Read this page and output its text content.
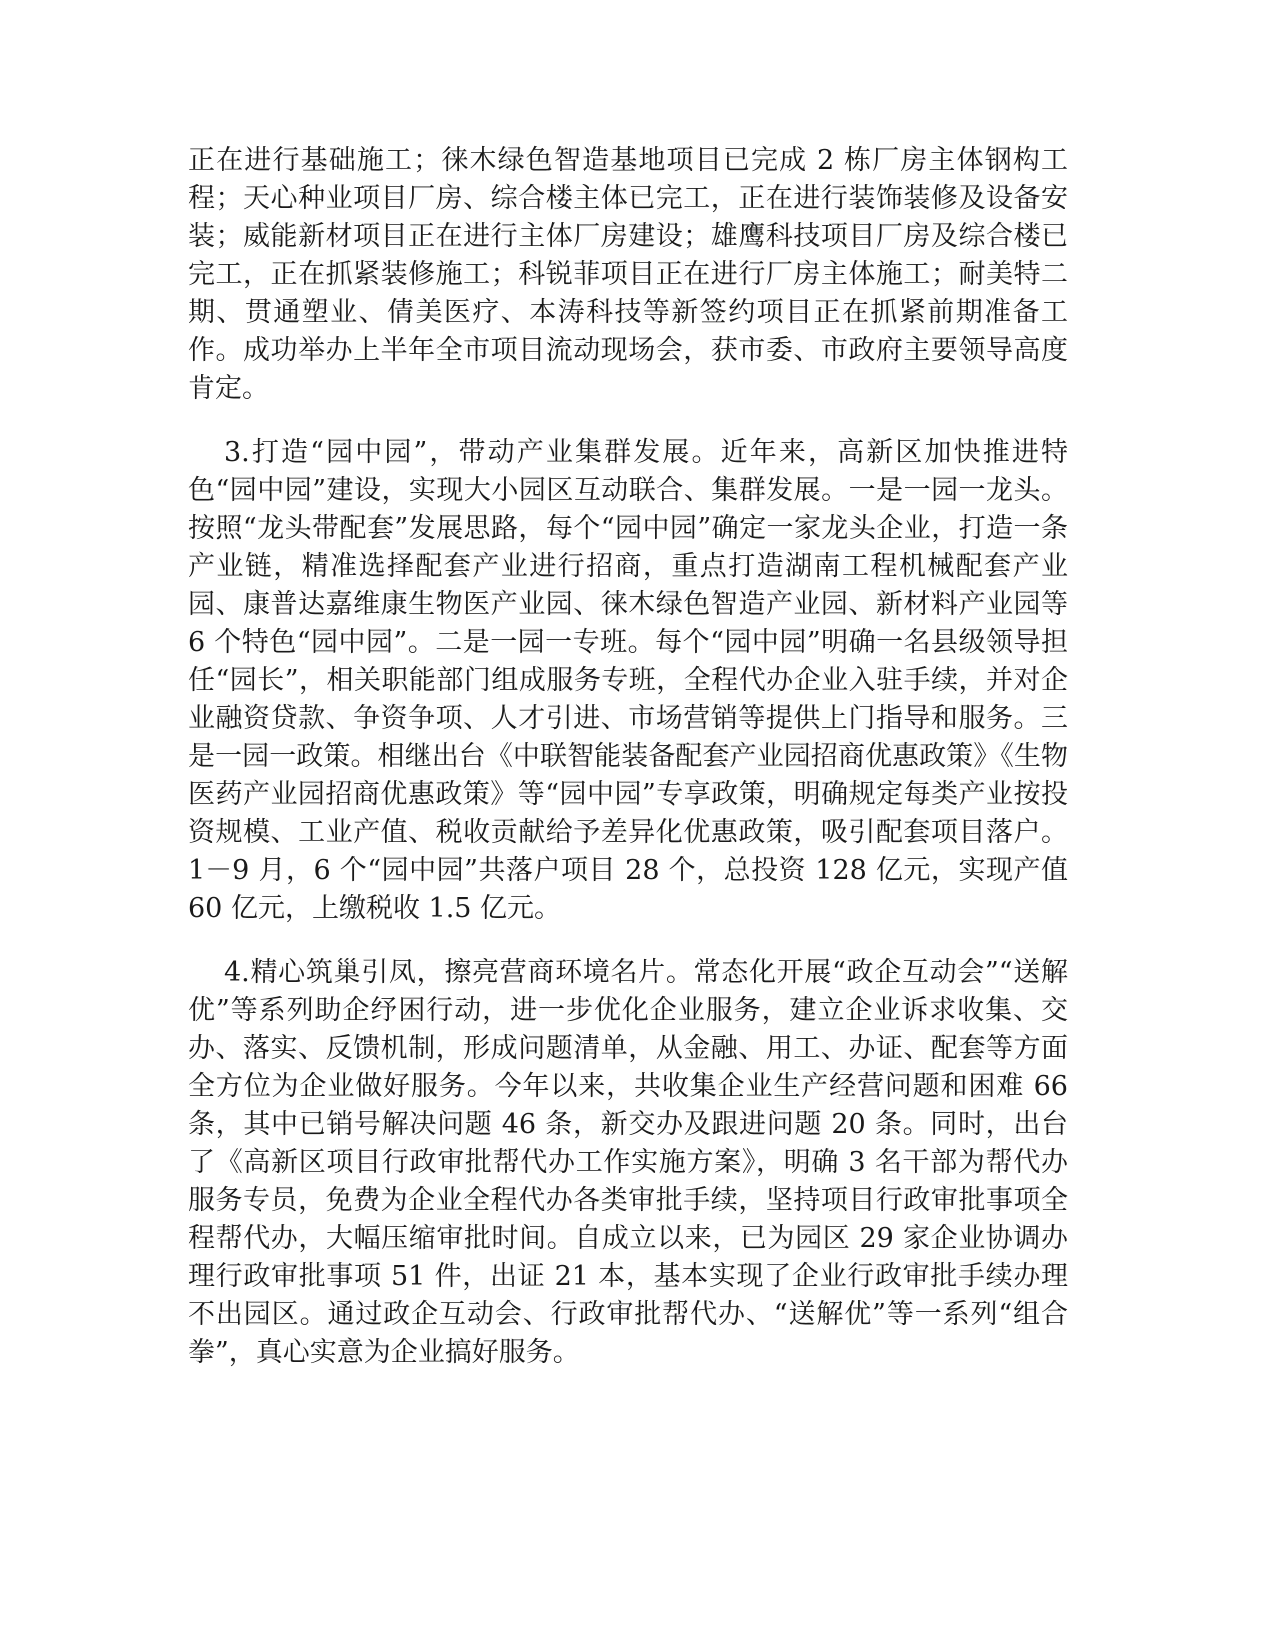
正在进行基础施工；徕木绿色智造基地项目已完成 2 栋厂房主体钢构工程；天心种业项目厂房、综合楼主体已完工，正在进行装饰装修及设备安装；威能新材项目正在进行主体厂房建设；雄鹰科技项目厂房及综合楼已完工，正在抓紧装修施工；科锐菲项目正在进行厂房主体施工；耐美特二期、贯通塑业、倩美医疗、本涛科技等新签约项目正在抓紧前期准备工作。成功举办上半年全市项目流动现场会，获市委、市政府主要领导高度肯定。

3.打造“园中园”，带动产业集群发展。近年来，高新区加快推进特色“园中园”建设，实现大小园区互动联合、集群发展。一是一园一龙头。按照“龙头带配套”发展思路，每个“园中园”确定一家龙头企业，打造一条产业链，精准选择配套产业进行招商，重点打造湖南工程机械配套产业园、康普达嘉维康生物医产业园、徕木绿色智造产业园、新材料产业园等 6 个特色“园中园”。二是一园一专班。每个“园中园”明确一名县级领导担任“园长”，相关职能部门组成服务专班，全程代办企业入驻手续，并对企业融资贷款、争资争项、人才引进、市场营销等提供上门指导和服务。三是一园一政策。相继出台《中联智能装备配套产业园招商优惠政策》《生物医药产业园招商优惠政策》等“园中园”专享政策，明确规定每类产业按投资规模、工业产值、税收贡献给予差异化优惠政策，吸引配套项目落户。1－9 月，6 个“园中园”共落户项目 28 个，总投资 128 亿元，实现产值 60 亿元，上缴税收 1.5 亿元。

4.精心筑巢引凤，擦亮营商环境名片。常态化开展“政企互动会”“送解优”等系列助企纾困行动，进一步优化企业服务，建立企业诉求收集、交办、落实、反馈机制，形成问题清单，从金融、用工、办证、配套等方面全方位为企业做好服务。今年以来，共收集企业生产经营问题和困难 66 条，其中已销号解决问题 46 条，新交办及跟进问题 20 条。同时，出台了《高新区项目行政审批帮代办工作实施方案》，明确 3 名干部为帮代办服务专员，免费为企业全程代办各类审批手续，坚持项目行政审批事项全程帮代办，大幅压缩审批时间。自成立以来，已为园区 29 家企业协调办理行政审批事项 51 件，出证 21 本，基本实现了企业行政审批手续办理不出园区。通过政企互动会、行政审批帮代办、“送解优”等一系列“组合拳”，真心实意为企业搞好服务。
